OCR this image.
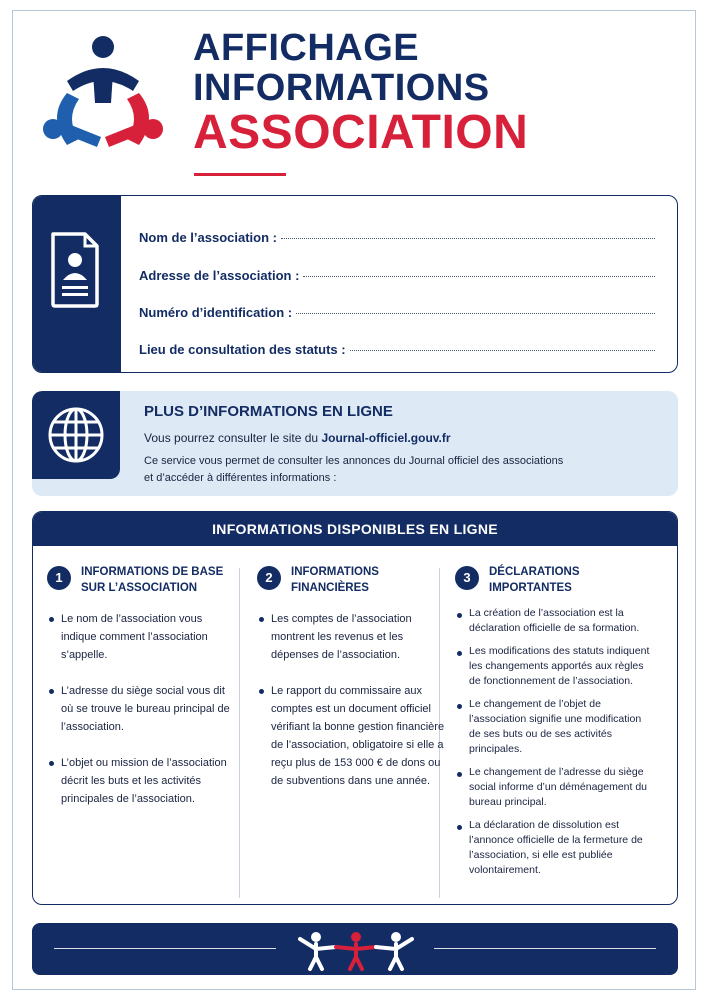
AFFICHAGE
INFORMATIONS
ASSOCIATION
Nom de l’association :
Adresse de l’association :
Numéro d’identification :
Lieu de consultation des statuts :
PLUS D’INFORMATIONS EN LIGNE
Vous pourrez consulter le site du Journal-officiel.gouv.fr
Ce service vous permet de consulter les annonces du Journal officiel des associations
et d’accéder à différentes informations :
INFORMATIONS DISPONIBLES EN LIGNE
1	INFORMATIONS DE BASE
SUR L’ASSOCIATION
Le nom de l’association vous indique comment l’association s’appelle.
L’adresse du siège social vous dit où se trouve le bureau principal de l’association.
L’objet ou mission de l’association décrit les buts et les activités principales de l’association.
2	INFORMATIONS
FINANCIÈRES
Les comptes de l’association montrent les revenus et les dépenses de l’association.
Le rapport du commissaire aux comptes est un document officiel vérifiant la bonne gestion financière de l’association, obligatoire si elle a reçu plus de 153 000 € de dons ou de subventions dans une année.
3	DÉCLARATIONS
IMPORTANTES
La création de l’association est la déclaration officielle de sa formation.
Les modifications des statuts indiquent les changements apportés aux règles de fonctionnement de l’association.
Le changement de l’objet de l’association signifie une modification de ses buts ou de ses activités principales.
Le changement de l’adresse du siège social informe d’un déménagement du bureau principal.
La déclaration de dissolution est l’annonce officielle de la fermeture de l’association, si elle est publiée volontairement.
